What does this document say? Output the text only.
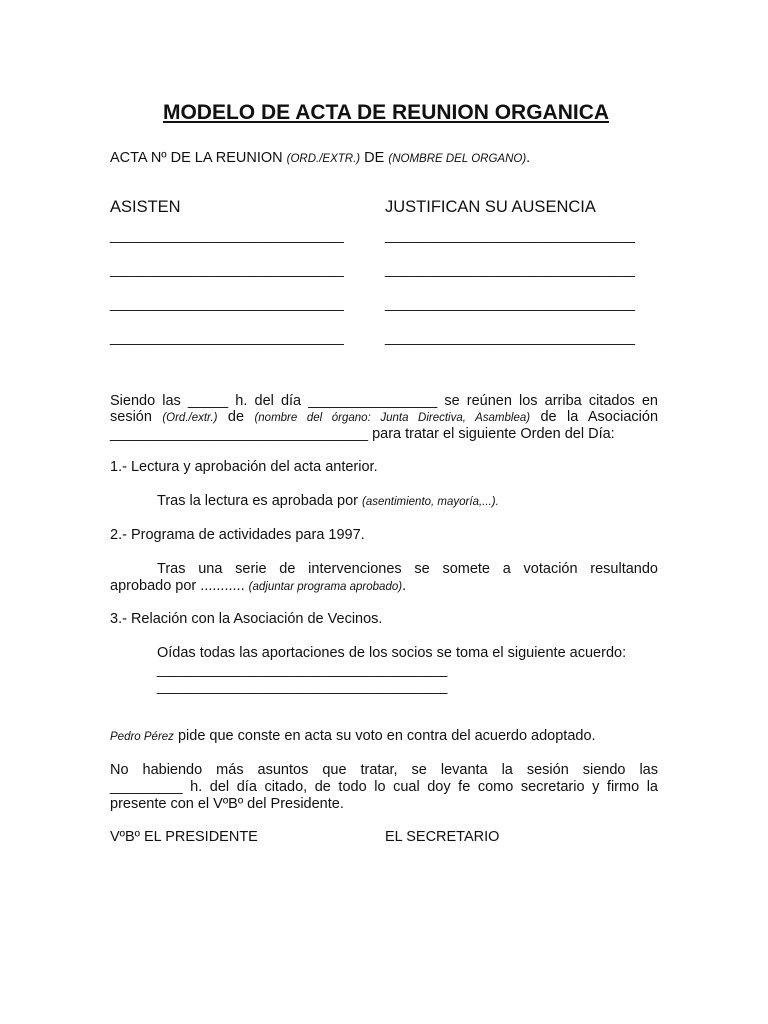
MODELO DE ACTA DE REUNION ORGANICA
ACTA Nº DE LA REUNION (ORD./EXTR.) DE (NOMBRE DEL ORGANO).
ASISTEN	JUSTIFICAN SU AUSENCIA
_____________________________
_____________________________
_____________________________
_____________________________
_______________________________
_______________________________
_______________________________
_______________________________
Siendo las _____ h. del día ________________ se reúnen los arriba citados en
sesión (Ord./extr.) de (nombre del órgano: Junta Directiva, Asamblea) de la Asociación
________________________________ para tratar el siguiente Orden del Día:
1.- Lectura y aprobación del acta anterior.
Tras la lectura es aprobada por (asentimiento, mayoría,...).
2.- Programa de actividades para 1997.
Tras una serie de intervenciones se somete a votación resultando
aprobado por ........... (adjuntar programa aprobado).
3.- Relación con la Asociación de Vecinos.
Oídas todas las aportaciones de los socios se toma el siguiente acuerdo:
____________________________________
____________________________________
Pedro Pérez pide que conste en acta su voto en contra del acuerdo adoptado.
No habiendo más asuntos que tratar, se levanta la sesión siendo las
_________ h. del día citado, de todo lo cual doy fe como secretario y firmo la
presente con el VºBº del Presidente.
VºBº EL PRESIDENTE	EL SECRETARIO
